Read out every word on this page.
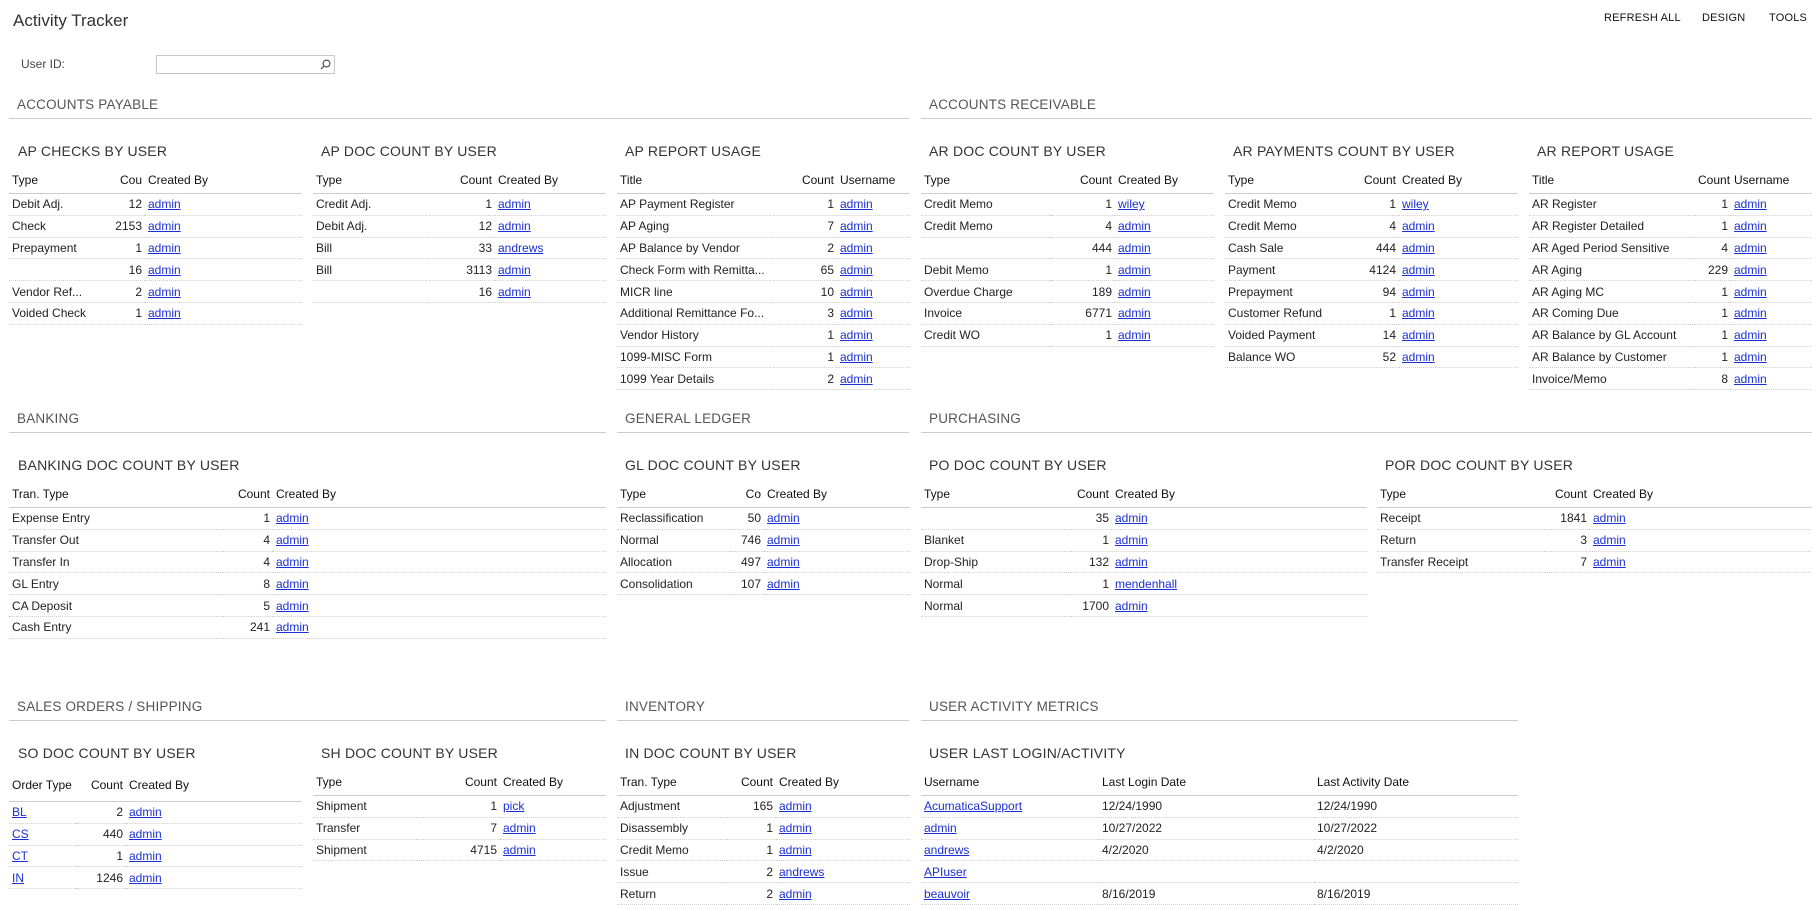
Activity Tracker	REFRESH ALL DESIGN TOOLS
User ID:
ACCOUNTS PAYABLE	ACCOUNTS RECEIVABLE
BANKING	GENERAL LEDGER	PURCHASING
SALES ORDERS / SHIPPING	INVENTORY	USER ACTIVITY METRICS
AP CHECKS BY USER	AP DOC COUNT BY USER	AP REPORT USAGE	AR DOC COUNT BY USER	AR PAYMENTS COUNT BY USER	AR REPORT USAGE
BANKING DOC COUNT BY USER	GL DOC COUNT BY USER	PO DOC COUNT BY USER	POR DOC COUNT BY USER
SO DOC COUNT BY USER	SH DOC COUNT BY USER	IN DOC COUNT BY USER	USER LAST LOGIN/ACTIVITY
Type	Cou	Created By
Debit Adj.	12	admin
Check	2153	admin
Prepayment	1	admin
	16	admin
Vendor Ref...	2	admin
Voided Check	1	admin
Type	Count	Created By
Credit Adj.	1	admin
Debit Adj.	12	admin
Bill	33	andrews
Bill	3113	admin
	16	admin
Title	Count	Username
AP Payment Register	1	admin
AP Aging	7	admin
AP Balance by Vendor	2	admin
Check Form with Remitta...	65	admin
MICR line	10	admin
Additional Remittance Fo...	3	admin
Vendor History	1	admin
1099-MISC Form	1	admin
1099 Year Details	2	admin
Type	Count	Created By
Credit Memo	1	wiley
Credit Memo	4	admin
	444	admin
Debit Memo	1	admin
Overdue Charge	189	admin
Invoice	6771	admin
Credit WO	1	admin
Type	Count	Created By
Credit Memo	1	wiley
Credit Memo	4	admin
Cash Sale	444	admin
Payment	4124	admin
Prepayment	94	admin
Customer Refund	1	admin
Voided Payment	14	admin
Balance WO	52	admin
Title	Count	Username
AR Register	1	admin
AR Register Detailed	1	admin
AR Aged Period Sensitive	4	admin
AR Aging	229	admin
AR Aging MC	1	admin
AR Coming Due	1	admin
AR Balance by GL Account	1	admin
AR Balance by Customer	1	admin
Invoice/Memo	8	admin
Tran. Type	Count	Created By
Expense Entry	1	admin
Transfer Out	4	admin
Transfer In	4	admin
GL Entry	8	admin
CA Deposit	5	admin
Cash Entry	241	admin
Type	Co	Created By
Reclassification	50	admin
Normal	746	admin
Allocation	497	admin
Consolidation	107	admin
Type	Count	Created By
	35	admin
Blanket	1	admin
Drop-Ship	132	admin
Normal	1	mendenhall
Normal	1700	admin
Type	Count	Created By
Receipt	1841	admin
Return	3	admin
Transfer Receipt	7	admin
Order Type	Count	Created By
BL	2	admin
CS	440	admin
CT	1	admin
IN	1246	admin
Type	Count	Created By
Shipment	1	pick
Transfer	7	admin
Shipment	4715	admin
Tran. Type	Count	Created By
Adjustment	165	admin
Disassembly	1	admin
Credit Memo	1	admin
Issue	2	andrews
Return	2	admin
Username	Last Login Date	Last Activity Date
AcumaticaSupport	12/24/1990	12/24/1990
admin	10/27/2022	10/27/2022
andrews	4/2/2020	4/2/2020
APIuser		
beauvoir	8/16/2019	8/16/2019
